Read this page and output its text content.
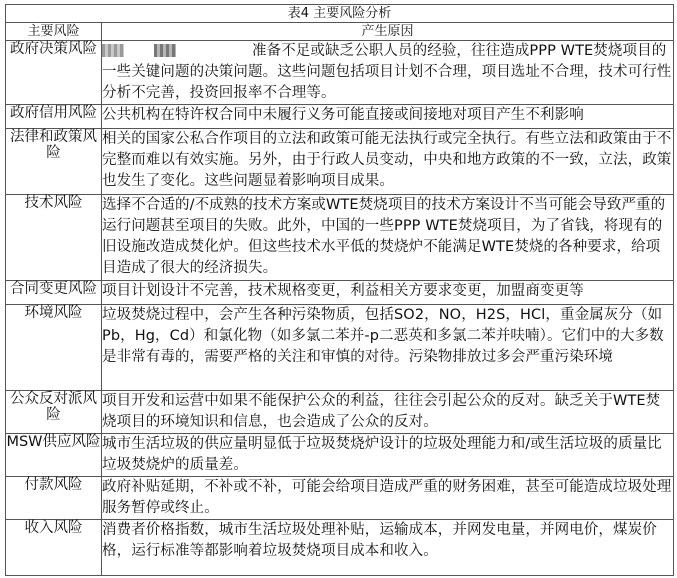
表4 主要风险分析	
主要风险	产生原因
政府决策风险	准备不足或缺乏公职人员的经验，往往造成PPP WTE焚烧项目的一些关键问题的决策问题。这些问题包括项目计划不合理，项目选址不合理，技术可行性分析不完善，投资回报率不合理等。
政府信用风险	公共机构在特许权合同中未履行义务可能直接或间接地对项目产生不利影响
法律和政策风险	相关的国家公私合作项目的立法和政策可能无法执行或完全执行。有些立法和政策由于不完整而难以有效实施。另外，由于行政人员变动，中央和地方政策的不一致，立法，政策也发生了变化。这些问题显着影响项目成果。
技术风险	选择不合适的/不成熟的技术方案或WTE焚烧项目的技术方案设计不当可能会导致严重的运行问题甚至项目的失败。此外，中国的一些PPP WTE焚烧项目，为了省钱，将现有的旧设施改造成焚化炉。但这些技术水平低的焚烧炉不能满足WTE焚烧的各种要求，给项目造成了很大的经济损失。
合同变更风险	项目计划设计不完善，技术规格变更，利益相关方要求变更，加盟商变更等
环境风险	垃圾焚烧过程中，会产生各种污染物质，包括SO2，NO，H2S，HCl，重金属灰分（如Pb，Hg，Cd）和氯化物（如多氯二苯并-p二恶英和多氯二苯并呋喃）。它们中的大多数是非常有毒的，需要严格的关注和审慎的对待。污染物排放过多会严重污染环境
公众反对派风险	项目开发和运营中如果不能保护公众的利益，往往会引起公众的反对。缺乏关于WTE焚烧项目的环境知识和信息，也会造成了公众的反对。
MSW供应风险	城市生活垃圾的供应量明显低于垃圾焚烧炉设计的垃圾处理能力和/或生活垃圾的质量比垃圾焚烧炉的质量差。
付款风险	政府补贴延期，不补或不补，可能会给项目造成严重的财务困难，甚至可能造成垃圾处理服务暂停或终止。
收入风险	消费者价格指数，城市生活垃圾处理补贴，运输成本，并网发电量，并网电价，煤炭价格，运行标准等都影响着垃圾焚烧项目成本和收入。
